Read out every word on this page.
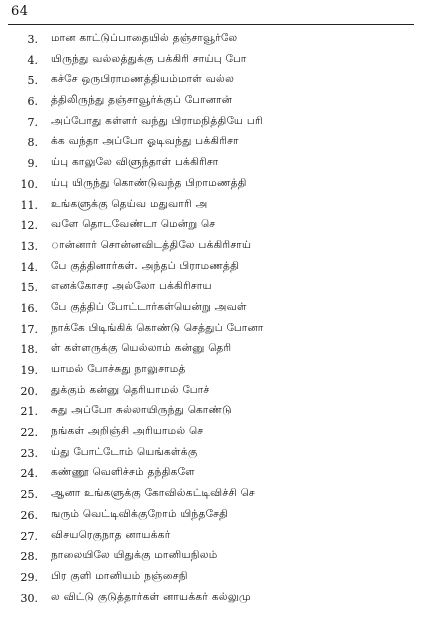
64
3. மான காட்டுப்பாதையில் தஞ்சாவூர்லே
4. யிருந்து வல்லத்துக்கு பக்கிரி சாய்பு போ
5. கச்சே ஒருபிராமணத்தியம்மாள் வல்ல
6. த்திலிருந்து தஞ்சாவூர்க்குப் போனான்
7. அப்போது கள்ளர் வந்து பிராமநித்தியே பரி
8. க்க வந்தா அப்போ ஓடிவந்து பக்கிரிசா
9. ய்பு காலுலே விளுந்தாள் பக்கிரிசா
10. ய்பு யிருந்து கொண்டுவந்த பிறாமணத்தி
11. உங்களுக்கு தெய்வ மதுவாரி அ
12. வளே தொடவேண்டா மென்று செ
13. ான்னார் சொன்னவிடத்திலே பக்கிரிசாய்
14. பே குத்தினார்கள். அந்தப் பிராமணத்தி
15. எனக்கோசர அல்லோ பக்கிரிசாய
16. பே குத்திப் போட்டார்கள்யென்று அவள்
17. நாக்கே பிடிங்கிக் கொண்டு செத்துப் போனா
18. ள் கள்ளருக்கு யெல்லாம் கன்னு தெரி
19. யாமல் போச்சுது நாலுசாமத்
20. துக்கும் கன்னு தெரியாமல் போச்
21. சுது அப்போ சுல்லாயிருந்து கொண்டு
22. நங்கள் அறிஞ்சி அரியாமல் செ
23. ய்து போட்டோம் யெங்கள்க்கு
24. கண்ணூ வெளிச்சம் தந்திகளே
25. ஆனா உங்களுக்கு கோவில்கட்டிவிச்சி செ
26. ஙரும் வெட்டிவிக்குறோம் யிந்தசேதி
27. விசயரெகுநாத னாயக்கர்
28. நாலையிலே யிதுக்கு மானியநிலம்
29. பிர குளி மானியம் நஞ்சைநி
30. ல விட்டு குடுத்தார்கள் னாயக்கர் கல்லுமு
